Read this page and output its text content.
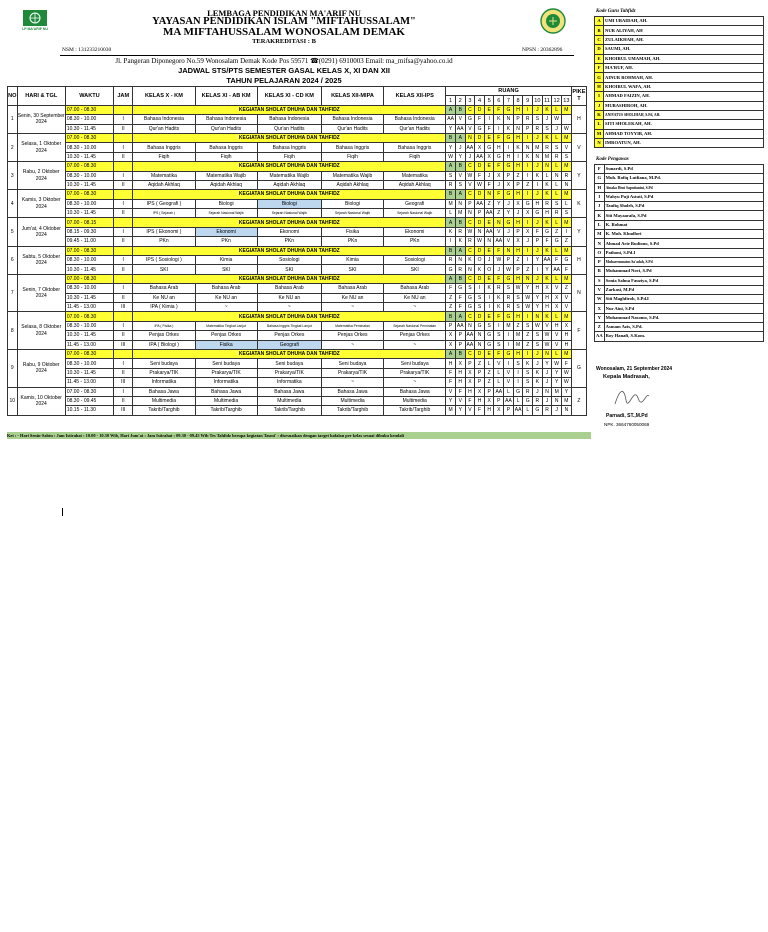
LP MA'ARIF NU
LEMBAGA PENDIDIKAN MA'ARIF NU
YAYASAN PENDIDIKAN ISLAM "MIFTAHUSSALAM"
MA MIFTAHUSSALAM WONOSALAM DEMAK
TERAKREDITASI : B
NSM : 131233210030	NPSN : 20362896
Jl. Pangeran Diponegoro No.59 Wonosalam Demak Kode Pos 59571 ☎(0291) 6910003 Email: ma_mifsa@yahoo.co.id
JADWAL STS/PTS SEMESTER GASAL KELAS X, XI DAN XII
TAHUN PELAJARAN 2024 / 2025
NO	HARI & TGL	WAKTU	JAM	KELAS X - KM	KELAS XI - AB KM	KELAS XI - CD KM	KELAS XII-MIPA	KELAS XII-IPS	RUANG													PIKE T
									1	2	3	4	5	6	7	8	9	10	11	12	13	
1	Senin, 30 September 2024	07.00 - 08.30		KEGIATAN SHOLAT DHUHA DAN TAHFIDZ					A	B	C	D	E	F	G	H	I	J	K	L	M	H
		08.30 - 10.00	I	Bahasa Indonesia	Bahasa Indonesia	Bahasa Indonesia	Bahasa Indonesia	Bahasa Indonesia	AA	V	G	F	I	K	N	P	R	S	J	W		
		10.30 - 11.45	II	Qur'an Hadits	Qur'an Hadits	Qur'an Hadits	Qur'an Hadits	Qur'an Hadits	Y	AA	V	G	F	I	K	N	P	R	S	J	W	
2	Selasa, 1 Oktober 2024	07.00 - 08.30		KEGIATAN SHOLAT DHUHA DAN TAHFIDZ					B	A	N	D	E	F	G	H	I	J	K	L	M	V
		08.30 - 10.00	I	Bahasa Inggris	Bahasa Inggris	Bahasa Inggris	Bahasa Inggris	Bahasa Inggris	Y	J	AA	X	G	H	I	K	N	M	R	S	V	
		10.30 - 11.45	II	Fiqih	Fiqih	Fiqih	Fiqih	Fiqih	W	Y	J	AA	X	G	H	I	K	N	M	R	S	
3	Rabu, 2 Oktober 2024	07.00 - 08.30		KEGIATAN SHOLAT DHUHA DAN TAHFIDZ					A	B	C	D	E	F	G	H	I	J	N	L	M	Y
		08.30 - 10.00	I	Matematika	Matematika Wajib	Matematika Wajib	Matematika Wajib	Matematika	S	V	W	F	J	X	P	Z	I	K	L	N	R	
		10.30 - 11.45	II	Aqidah Akhlaq	Aqidah Akhlaq	Aqidah Akhlaq	Aqidah Akhlaq	Aqidah Akhlaq	R	S	V	W	F	J	X	P	Z	I	K	L	N	
4	Kamis, 3 Oktober 2024	07.00 - 08.30		KEGIATAN SHOLAT DHUHA DAN TAHFIDZ					B	A	C	D	N	F	G	H	I	J	K	L	M	K
		08.30 - 10.00	I	IPS ( Geografi )	Biologi	Biologi	Biologi	Geografi	M	N	P	AA	Z	Y	J	X	G	H	R	S	L	
		10.30 - 11.45	II	IPS ( Sejarah )	Sejarah Nasional Wajib	Sejarah Nasional Wajib	Sejarah Nasional Wajib	Sejarah Nasional Wajib	L	M	N	P	AA	Z	Y	J	X	G	H	R	S	
5	Jum'at, 4 Oktober 2024	07.00 - 08.15		KEGIATAN SHOLAT DHUHA DAN TAHFIDZ					A	B	C	D	E	N	G	H	I	J	K	L	M	Y
		08.15 - 09.30	I	IPS ( Ekonomi )	Ekonomi	Ekonomi	Fisika	Ekonomi	K	R	W	N	AA	V	J	P	X	F	G	Z	I	
		09.45 - 11.00	II	PKn	PKn	PKn	PKn	PKn	I	K	R	W	N	AA	V	X	J	P	F	G	Z	
6	Sabtu, 5 Oktober 2024	07.00 - 08.30		KEGIATAN SHOLAT DHUHA DAN TAHFIDZ					B	A	C	D	E	F	N	H	I	J	K	L	M	H
		08.30 - 10.00	I	IPS ( Sosiologi )	Kimia	Sosiologi	Kimia	Sosiologi	R	N	K	O	J	W	P	Z	I	Y	AA	F	G	
		10.30 - 11.45	II	SKI	SKI	SKI	SKI	SKI	G	R	N	K	O	J	W	P	Z	I	Y	AA	F	
7	Senin, 7 Oktober 2024	07.00 - 08.30		KEGIATAN SHOLAT DHUHA DAN TAHFIDZ					A	B	C	D	E	F	G	H	N	J	K	L	M	N
		08.30 - 10.00	I	Bahasa Arab	Bahasa Arab	Bahasa Arab	Bahasa Arab	Bahasa Arab	F	G	S	I	K	R	S	W	Y	H	X	V	Z	
		10.30 - 11.45	II	Ke NU an	Ke NU an	Ke NU an	Ke NU an	Ke NU an	Z	F	G	S	I	K	R	S	W	Y	H	X	V	
		11.45 - 13.00	III	IPA ( Kimia )	~	~	~	~	Z	F	G	S	I	K	R	S	W	Y	H	X	V	
8	Selasa, 8 Oktober 2024	07.00 - 08.30		KEGIATAN SHOLAT DHUHA DAN TAHFIDZ					B	A	C	D	E	F	G	H	I	N	K	L	M	F
		08.30 - 10.00	I	IPA ( Fisika )	Matematika Tingkat Lanjut	Bahasa Inggris Tingkat Lanjut	Matematika Peminatan	Sejarah Nasional Peminatan	P	AA	N	G	S	I	M	Z	S	W	V	H	X	
		10.30 - 11.45	II	Penjas Orkes	Penjas Orkes	Penjas Orkes	Penjas Orkes	Penjas Orkes	X	P	AA	N	G	S	I	M	Z	S	W	V	H	
		11.45 - 13.00	III	IPA ( Biologi )	Fisika	Geografi	~	~	X	P	AA	N	G	S	I	M	Z	S	W	V	H	
9	Rabu, 9 Oktober 2024	07.00 - 08.30		KEGIATAN SHOLAT DHUHA DAN TAHFIDZ					A	B	C	D	E	F	G	H	I	J	N	L	M	G
		08.30 - 10.00	I	Seni budaya	Seni budaya	Seni budaya	Seni budaya	Seni budaya	H	X	P	Z	L	V	I	S	K	J	Y	W	F	
		10.30 - 11.45	II	Prakarya/TIK	Prakarya/TIK	Prakarya/TIK	Prakarya/TIK	Prakarya/TIK	F	H	X	P	Z	L	V	I	S	K	J	Y	W	
		11.45 - 13.00	III	Informatika	Informatika	Informatika	~	~	F	H	X	P	Z	L	V	I	S	K	J	Y	W	
10	Kamis, 10 Oktober 2024	07.00 - 08.30	I	Bahasa Jawa	Bahasa Jawa	Bahasa Jawa	Bahasa Jawa	Bahasa Jawa	V	F	H	X	P	AA	L	G	R	J	N	M	Y	Z
		08.30 - 09.45	II	Multimedia	Multimedia	Multimedia	Multimedia	Multimedia	Y	V	F	H	X	P	AA	L	G	R	J	N	M	
		10.15 - 11.30	III	Takrib/Targhib	Takrib/Targhib	Takrib/Targhib	Takrib/Targhib	Takrib/Targhib	M	Y	V	F	H	X	P	AA	L	G	R	J	N	
Ket : - Hari Senin-Sabtu : Jam Istirahat : 10.00 - 10.30 Wib, Hari Jum'at : Jam Istirahat : 09.30 - 09.45 Wib Tes Tahfidz berupa kegiatan Tasmi' : disesuaikan dengan target hafalan per kelas sesuai dibuku kendali
Kode Guru Tahfidz
A	UMI UBAIDAH, AH.
B	NUR ALIYAH, AH
C	ZULAIKHAH, AH.
D	SAUMI, AH.
E	KHOIRUL UMAMAH, AH.
F	MA'RUF, AH.
G	AINUR ROHMAH, AH.
H	KHOIRUL WAFA, AH.
I	AHMAD FAIZIN, AH.
J	MUBASHIROH, AH.
K	ANIVATUS SHOLIHAH, S.Pd, AH.
L	SITI SHOLEKAH, AH.
M	AHMAD TOYYIB, AH.
N	IMROATUN, AH.
Kode Pengawas
F	Sunardi, S.Pd
G	Muh. Rofiq Lutfiana, M.Pd.
H	Ainaka Heni Saputianini, S.Pd
I	Wahyu Puji Astuti, S.Pd
J	Taufiq Sholeh, S.Pd
K	Siti Mayaarafa, S.Pd
L	K. Rohmat
M	K. Muh. Khudlori
N	Ahmad Arie Budiono, S.Pd
O	Pathoni, S.Pd.I
P	Muharrunnatus Sa'adah, S.Pd
R	Muhammad Novi, S.Pd
S	Sonia Salma Fauziya, S.Pd
V	Zarkasi, M.Pd
W	Siti Maghfiroh, S.Pd.I
X	Nur Aini, S.Pd
Y	Muhammad Nasomo, S.Pd.
Z	Asmam Azis, S.Pd.
AA	Roy Hanafi, S.Kom.
Wonosalam, 21 September 2024
Kepala Madrasah,
Parnadi, ST.,M.Pd
NPK. 3664760050069
